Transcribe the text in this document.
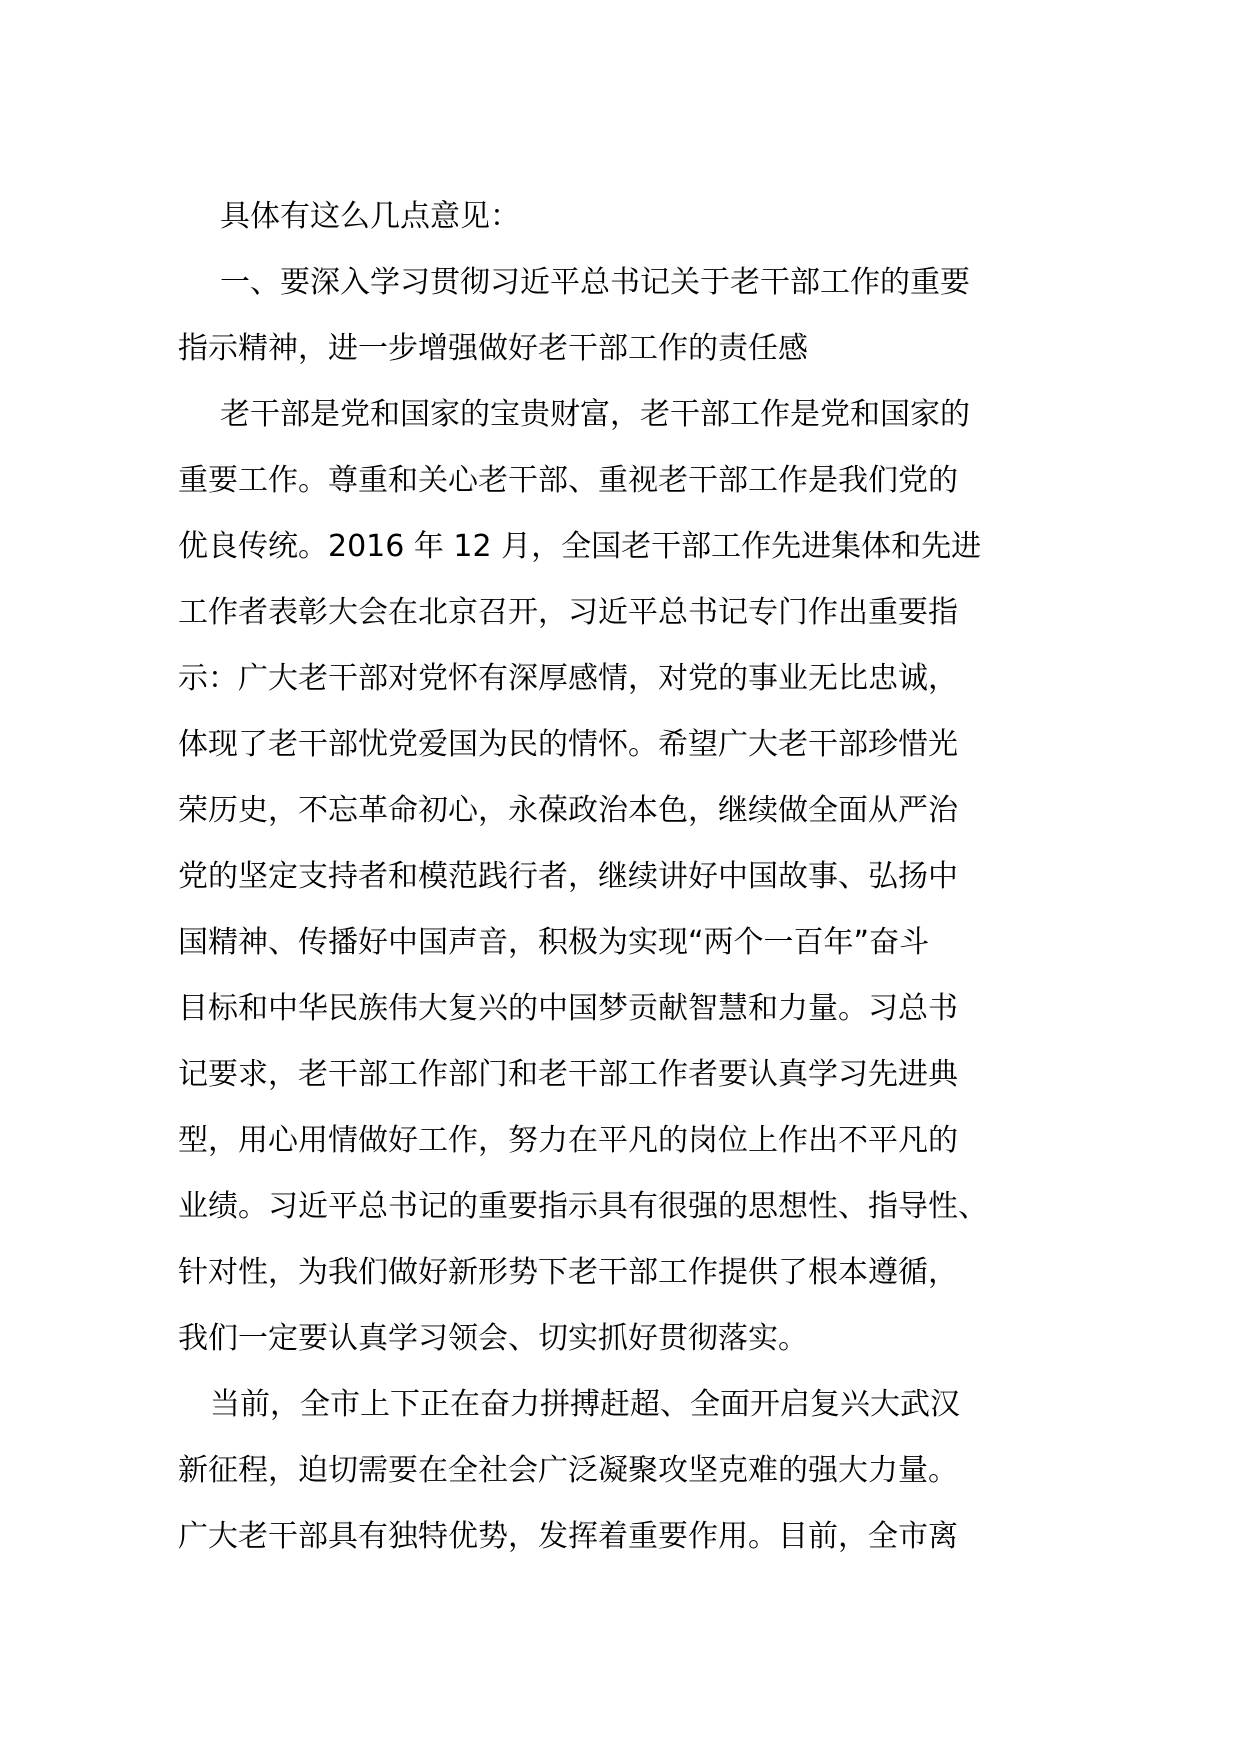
具体有这么几点意见：
一、要深入学习贯彻习近平总书记关于老干部工作的重要
指示精神，进一步增强做好老干部工作的责任感
老干部是党和国家的宝贵财富，老干部工作是党和国家的
重要工作。尊重和关心老干部、重视老干部工作是我们党的
优良传统。2016 年 12 月，全国老干部工作先进集体和先进
工作者表彰大会在北京召开，习近平总书记专门作出重要指
示：广大老干部对党怀有深厚感情，对党的事业无比忠诚，
体现了老干部忧党爱国为民的情怀。希望广大老干部珍惜光
荣历史，不忘革命初心，永葆政治本色，继续做全面从严治
党的坚定支持者和模范践行者，继续讲好中国故事、弘扬中
国精神、传播好中国声音，积极为实现“两个一百年”奋斗
目标和中华民族伟大复兴的中国梦贡献智慧和力量。习总书
记要求，老干部工作部门和老干部工作者要认真学习先进典
型，用心用情做好工作，努力在平凡的岗位上作出不平凡的
业绩。习近平总书记的重要指示具有很强的思想性、指导性、
针对性，为我们做好新形势下老干部工作提供了根本遵循，
我们一定要认真学习领会、切实抓好贯彻落实。
当前，全市上下正在奋力拼搏赶超、全面开启复兴大武汉
新征程，迫切需要在全社会广泛凝聚攻坚克难的强大力量。
广大老干部具有独特优势，发挥着重要作用。目前，全市离
